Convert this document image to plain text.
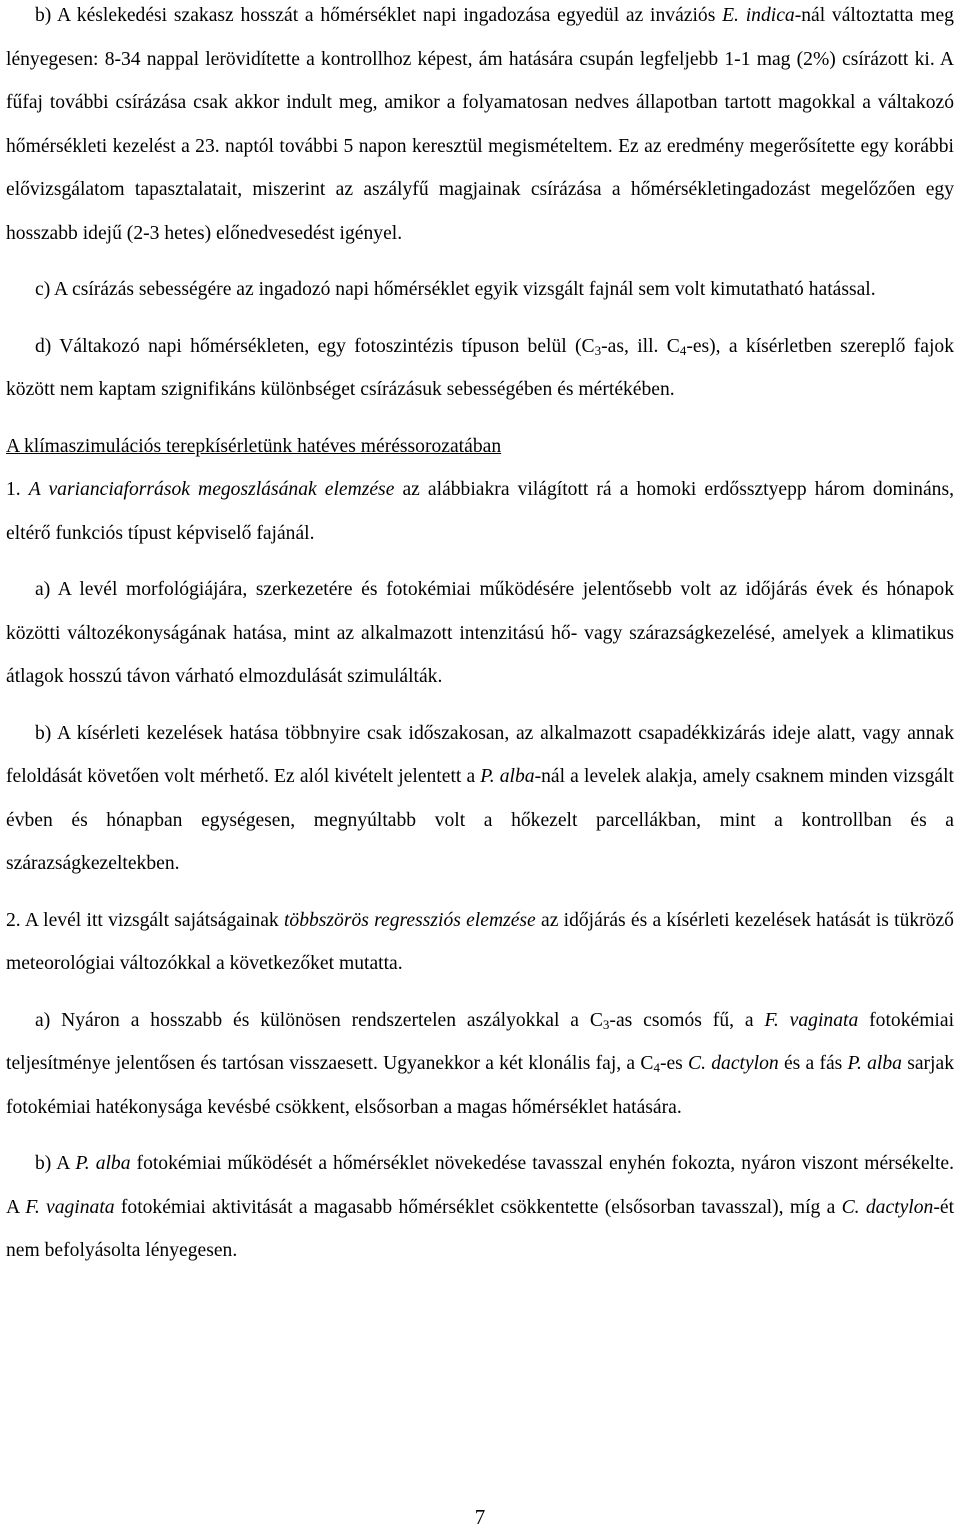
b) A késlekedési szakasz hosszát a hőmérséklet napi ingadozása egyedül az inváziós E. indica-nál változtatta meg lényegesen: 8-34 nappal lerövidítette a kontrollhoz képest, ám hatására csupán legfeljebb 1-1 mag (2%) csírázott ki. A fűfaj további csírázása csak akkor indult meg, amikor a folyamatosan nedves állapotban tartott magokkal a váltakozó hőmérsékleti kezelést a 23. naptól további 5 napon keresztül megismételtem. Ez az eredmény megerősítette egy korábbi elővizsgálatom tapasztalatait, miszerint az aszályfű magjainak csírázása a hőmérsékletingadozást megelőzően egy hosszabb idejű (2-3 hetes) előnedvesedést igényel.

c) A csírázás sebességére az ingadozó napi hőmérséklet egyik vizsgált fajnál sem volt kimutatható hatással.

d) Váltakozó napi hőmérsékleten, egy fotoszintézis típuson belül ($C_3-as$, ill. $C_4-es$), a kísérletben szereplő fajok között nem kaptam szignifikáns különbséget csírázásuk sebességében és mértékében.

A klímaszimulációs terepkísérletünk hatéves méréssorozatában

1. A varianciaforrások megoszlásának elemzése az alábbiakra világított rá a homoki erdőssztyepp három domináns, eltérő funkciós típust képviselő fajánál.

a) A levél morfológiájára, szerkezetére és fotokémiai működésére jelentősebb volt az időjárás évek és hónapok közötti változékonyságának hatása, mint az alkalmazott intenzitású hő- vagy szárazságkezelésé, amelyek a klimatikus átlagok hosszú távon várható elmozdulását szimulálták.

b) A kísérleti kezelések hatása többnyire csak időszakosan, az alkalmazott csapadékkizárás ideje alatt, vagy annak feloldását követően volt mérhető. Ez alól kivételt jelentett a P. alba-nál a levelek alakja, amely csaknem minden vizsgált évben és hónapban egységesen, megnyúltabb volt a hőkezelt parcellákban, mint a kontrollban és a szárazságkezeltekben.

2. A levél itt vizsgált sajátságainak többszörös regressziós elemzése az időjárás és a kísérleti kezelések hatását is tükröző meteorológiai változókkal a következőket mutatta.

a) Nyáron a hosszabb és különösen rendszertelen aszályokkal a $C_3-as$ csomós fű, a F. vaginata fotokémiai teljesítménye jelentősen és tartósan visszaesett. Ugyanekkor a két klonális faj, a $C_4-es$ C. dactylon és a fás P. alba sarjak fotokémiai hatékonysága kevésbé csökkent, elsősorban a magas hőmérséklet hatására.

b) A P. alba fotokémiai működését a hőmérséklet növekedése tavasszal enyhén fokozta, nyáron viszont mérsékelte. A F. vaginata fotokémiai aktivitását a magasabb hőmérséklet csökkentette (elsősorban tavasszal), míg a C. dactylon-ét nem befolyásolta lényegesen.

7
